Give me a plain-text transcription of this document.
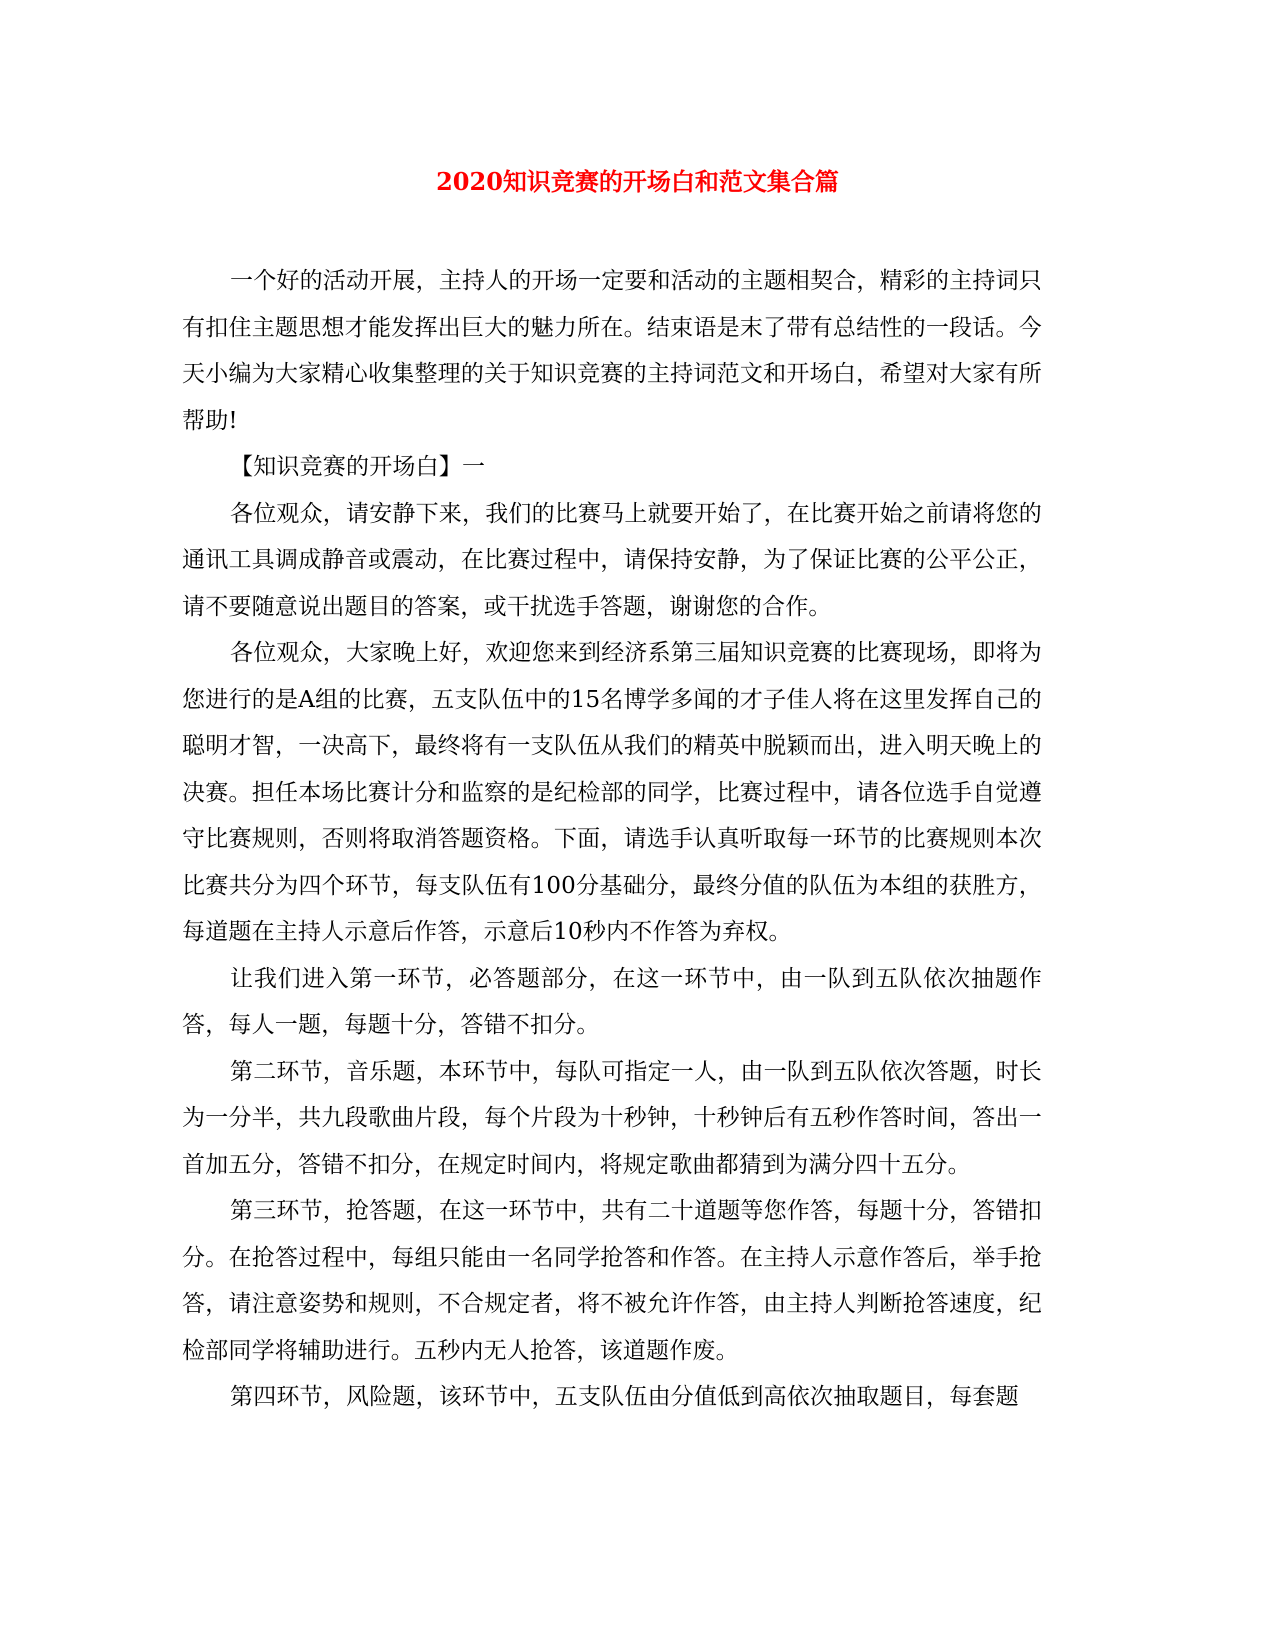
2020知识竞赛的开场白和范文集合篇

一个好的活动开展，主持人的开场一定要和活动的主题相契合，精彩的主持词只有扣住主题思想才能发挥出巨大的魅力所在。结束语是末了带有总结性的一段话。今天小编为大家精心收集整理的关于知识竞赛的主持词范文和开场白，希望对大家有所帮助!

【知识竞赛的开场白】一

各位观众，请安静下来，我们的比赛马上就要开始了，在比赛开始之前请将您的通讯工具调成静音或震动，在比赛过程中，请保持安静，为了保证比赛的公平公正，请不要随意说出题目的答案，或干扰选手答题，谢谢您的合作。

各位观众，大家晚上好，欢迎您来到经济系第三届知识竞赛的比赛现场，即将为您进行的是A组的比赛，五支队伍中的15名博学多闻的才子佳人将在这里发挥自己的聪明才智，一决高下，最终将有一支队伍从我们的精英中脱颖而出，进入明天晚上的决赛。担任本场比赛计分和监察的是纪检部的同学，比赛过程中，请各位选手自觉遵守比赛规则，否则将取消答题资格。下面，请选手认真听取每一环节的比赛规则本次比赛共分为四个环节，每支队伍有100分基础分，最终分值的队伍为本组的获胜方，每道题在主持人示意后作答，示意后10秒内不作答为弃权。

让我们进入第一环节，必答题部分，在这一环节中，由一队到五队依次抽题作答，每人一题，每题十分，答错不扣分。

第二环节，音乐题，本环节中，每队可指定一人，由一队到五队依次答题，时长为一分半，共九段歌曲片段，每个片段为十秒钟，十秒钟后有五秒作答时间，答出一首加五分，答错不扣分，在规定时间内，将规定歌曲都猜到为满分四十五分。

第三环节，抢答题，在这一环节中，共有二十道题等您作答，每题十分，答错扣分。在抢答过程中，每组只能由一名同学抢答和作答。在主持人示意作答后，举手抢答，请注意姿势和规则，不合规定者，将不被允许作答，由主持人判断抢答速度，纪检部同学将辅助进行。五秒内无人抢答，该道题作废。

第四环节，风险题，该环节中，五支队伍由分值低到高依次抽取题目，每套题
